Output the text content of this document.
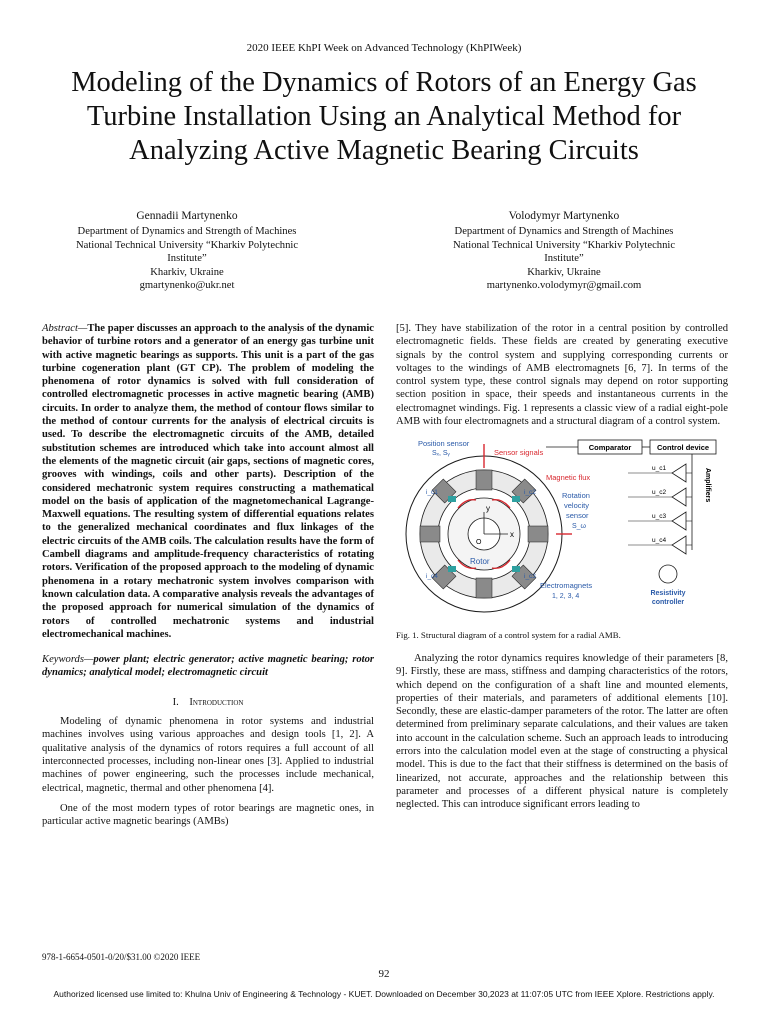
2020 IEEE KhPI Week on Advanced Technology (KhPIWeek)
Modeling of the Dynamics of Rotors of an Energy Gas Turbine Installation Using an Analytical Method for Analyzing Active Magnetic Bearing Circuits
Gennadii Martynenko
Department of Dynamics and Strength of Machines
National Technical University “Kharkiv Polytechnic
Institute”
Kharkiv, Ukraine
gmartynenko@ukr.net
Volodymyr Martynenko
Department of Dynamics and Strength of Machines
National Technical University “Kharkiv Polytechnic
Institute”
Kharkiv, Ukraine
martynenko.volodymyr@gmail.com
Abstract—The paper discusses an approach to the analysis of the dynamic behavior of turbine rotors and a generator of an energy gas turbine unit with active magnetic bearings as supports. This unit is a part of the gas turbine cogeneration plant (GT CP). The problem of modeling the phenomena of rotor dynamics is solved with full consideration of controlled electromagnetic processes in active magnetic bearing (AMB) circuits. In order to analyze them, the method of contour flows similar to the method of contour currents for the analysis of electrical circuits is used. To describe the electromagnetic circuits of the AMB, detailed substitution schemes are introduced which take into account almost all the elements of the magnetic circuit (air gaps, sections of magnetic cores, grooves with windings, coils and other parts). Description of the considered mechatronic system requires constructing a mathematical model on the basis of application of the magnetomechanical Lagrange-Maxwell equations. The resulting system of differential equations relates to the generalized mechanical coordinates and flux linkages of the electric circuits of the AMB coils. The calculation results have the form of Cambell diagrams and amplitude-frequency characteristics of rotating rotors. Verification of the proposed approach to the modeling of dynamic phenomena in a rotary mechatronic system involves comparison with known calculation data. A comparative analysis reveals the advantages of the proposed approach for numerical simulation of the dynamics of rotors of controlled mechatronic systems and industrial electromechanical machines.
Keywords—power plant; electric generator; active magnetic bearing; rotor dynamics; analytical model; electromagnetic circuit
I. Introduction

Modeling of dynamic phenomena in rotor systems and industrial machines involves using various approaches and design tools [1, 2]. A qualitative analysis of the dynamics of rotors requires a full account of all interconnected processes, including non-linear ones [3]. Applied to industrial machines of power engineering, such the processes include mechanical, electrical, magnetic, thermal and other phenomena [4].

One of the most modern types of rotor bearings are magnetic ones, in particular active magnetic bearings (AMBs)

[5]. They have stabilization of the rotor in a central position by controlled electromagnetic fields. These fields are created by generating executive signals by the control system and supplying corresponding currents or voltages to the windings of AMB electromagnets [6, 7]. In terms of the control system type, these control signals may depend on rotor supporting section position in space, their speeds and instantaneous currents in the electromagnet windings. Fig. 1 represents a classic view of a radial eight-pole AMB with four electromagnets and a structural diagram of a control system.

x
y
O
Position sensor
Sₓ, Sᵧ	Sensor signals
Magnetic flux
Rotation
velocity
sensor
S_ω
Rotor
Electromagnets
1, 2, 3, 4
i_c1	i_c2
i_c3
i_c4
Comparator	Control device
u_c1
u_c2
u_c3
u_c4
Amplifiers
Resistivity
controller
Fig. 1. Structural diagram of a control system for a radial AMB.

Analyzing the rotor dynamics requires knowledge of their parameters [8, 9]. Firstly, these are mass, stiffness and damping characteristics of the rotors, which depend on the configuration of a shaft line and mounted elements, properties of their materials, and parameters of additional elements [10]. Secondly, these are elastic-damper parameters of the rotor. The latter are often determined from preliminary separate calculations, and their values are taken into account in the calculation scheme. Such an approach leads to introducing errors into the calculation model even at the stage of constructing a physical model. This is due to the fact that their stiffness is determined on the basis of linearized, not accurate, approaches and the relationship between this parameter and processes of a different physical nature is completely neglected. This can introduce significant errors leading to

978-1-6654-0501-0/20/$31.00 ©2020 IEEE
92
Authorized licensed use limited to: Khulna Univ of Engineering & Technology - KUET. Downloaded on December 30,2023 at 11:07:05 UTC from IEEE Xplore. Restrictions apply.
